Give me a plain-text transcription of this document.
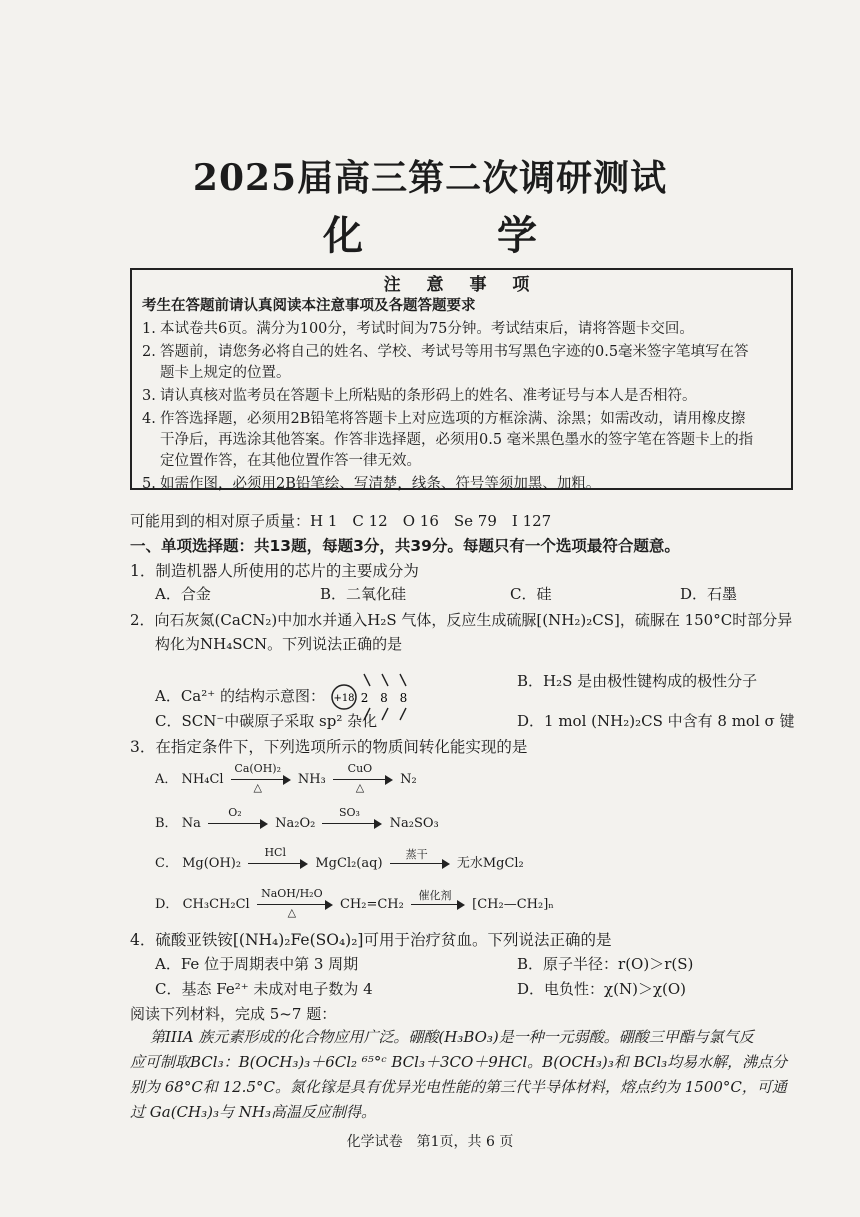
2025届高三第二次调研测试
化 学
注 意 事 项
考生在答题前请认真阅读本注意事项及各题答题要求
1. 本试卷共6页。满分为100分，考试时间为75分钟。考试结束后，请将答题卡交回。
2. 答题前，请您务必将自己的姓名、学校、考试号等用书写黑色字迹的0.5毫米签字笔填写在答
题卡上规定的位置。
3. 请认真核对监考员在答题卡上所粘贴的条形码上的姓名、准考证号与本人是否相符。
4. 作答选择题，必须用2B铅笔将答题卡上对应选项的方框涂满、涂黑；如需改动，请用橡皮擦
干净后，再选涂其他答案。作答非选择题，必须用0.5 毫米黑色墨水的签字笔在答题卡上的指
定位置作答，在其他位置作答一律无效。
5. 如需作图，必须用2B铅笔绘、写清楚，线条、符号等须加黑、加粗。
可能用到的相对原子质量：H 1　C 12　O 16　Se 79　I 127
一、单项选择题：共13题，每题3分，共39分。每题只有一个选项最符合题意。
1．制造机器人所使用的芯片的主要成分为
A．合金	B．二氧化硅	C．硅	D．石墨
2．向石灰氮(CaCN₂)中加水并通入H₂S 气体，反应生成硫脲[(NH₂)₂CS]，硫脲在 150°C时部分异
构化为NH₄SCN。下列说法正确的是
A．Ca²⁺ 的结构示意图： +18 2 8 8
B．H₂S 是由极性键构成的极性分子
C．SCN⁻中碳原子采取 sp² 杂化	D．1 mol (NH₂)₂CS 中含有 8 mol σ 键
3．在指定条件下，下列选项所示的物质间转化能实现的是
A． NH₄Cl
Ca(OH)₂
△	NH₃
CuO
△	N₂
B． Na
O₂
Na₂O₂
SO₃
Na₂SO₃
C． Mg(OH)₂
HCl
MgCl₂(aq)
蒸干
无水MgCl₂
D． CH₃CH₂Cl
NaOH/H₂O
△	CH₂=CH₂
催化剂
[CH₂—CH₂]ₙ
4．硫酸亚铁铵[(NH₄)₂Fe(SO₄)₂]可用于治疗贫血。下列说法正确的是
A．Fe 位于周期表中第 3 周期	B．原子半径：r(O)＞r(S)
C．基态 Fe²⁺ 未成对电子数为 4	D．电负性：χ(N)＞χ(O)
阅读下列材料，完成 5~7 题：
第IIIA 族元素形成的化合物应用广泛。硼酸(H₃BO₃)是一种一元弱酸。硼酸三甲酯与氯气反
应可制取BCl₃：B(OCH₃)₃＋6Cl₂ ⁶⁵°ᶜ BCl₃＋3CO＋9HCl。B(OCH₃)₃和 BCl₃均易水解，沸点分
别为 68°C和 12.5°C。氮化镓是具有优异光电性能的第三代半导体材料，熔点约为 1500°C，可通
过 Ga(CH₃)₃与 NH₃高温反应制得。
化学试卷　第1页，共 6 页
